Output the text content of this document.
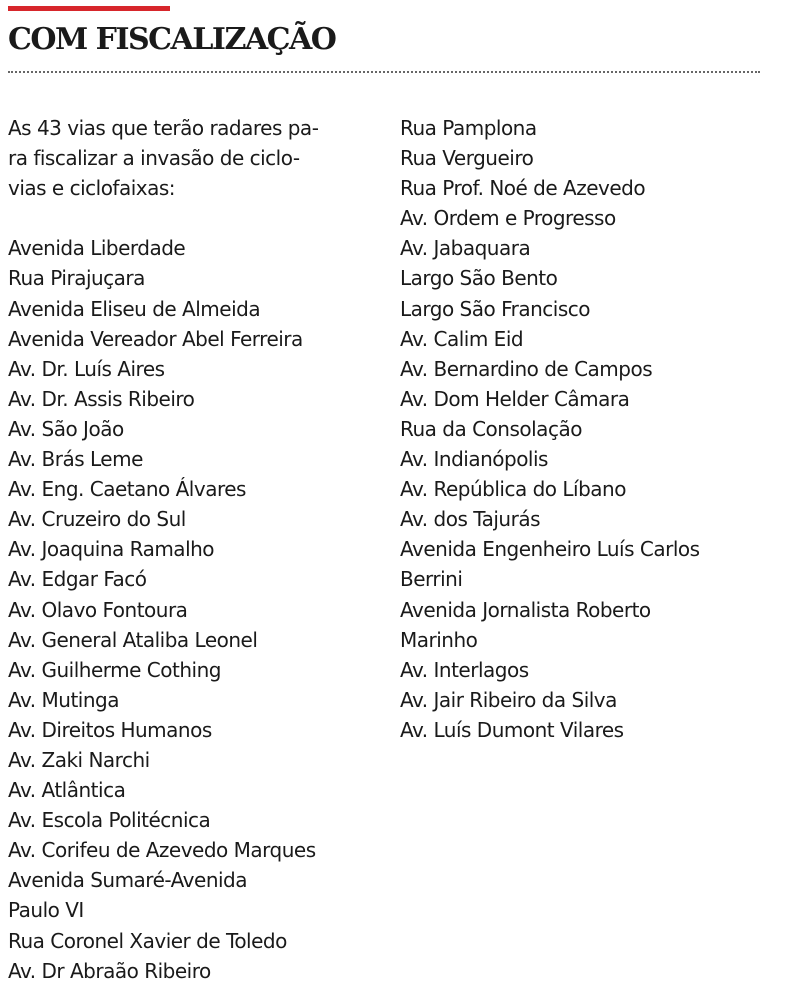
COM FISCALIZAÇÃO
As 43 vias que terão radares pa-
ra fiscalizar a invasão de ciclo-
vias e ciclofaixas:
Avenida Liberdade
Rua Pirajuçara
Avenida Eliseu de Almeida
Avenida Vereador Abel Ferreira
Av. Dr. Luís Aires
Av. Dr. Assis Ribeiro
Av. São João
Av. Brás Leme
Av. Eng. Caetano Álvares
Av. Cruzeiro do Sul
Av. Joaquina Ramalho
Av. Edgar Facó
Av. Olavo Fontoura
Av. General Ataliba Leonel
Av. Guilherme Cothing
Av. Mutinga
Av. Direitos Humanos
Av. Zaki Narchi
Av. Atlântica
Av. Escola Politécnica
Av. Corifeu de Azevedo Marques
Avenida Sumaré-Avenida
Paulo VI
Rua Coronel Xavier de Toledo
Av. Dr Abraão Ribeiro
Rua Pamplona
Rua Vergueiro
Rua Prof. Noé de Azevedo
Av. Ordem e Progresso
Av. Jabaquara
Largo São Bento
Largo São Francisco
Av. Calim Eid
Av. Bernardino de Campos
Av. Dom Helder Câmara
Rua da Consolação
Av. Indianópolis
Av. República do Líbano
Av. dos Tajurás
Avenida Engenheiro Luís Carlos
Berrini
Avenida Jornalista Roberto
Marinho
Av. Interlagos
Av. Jair Ribeiro da Silva
Av. Luís Dumont Vilares
